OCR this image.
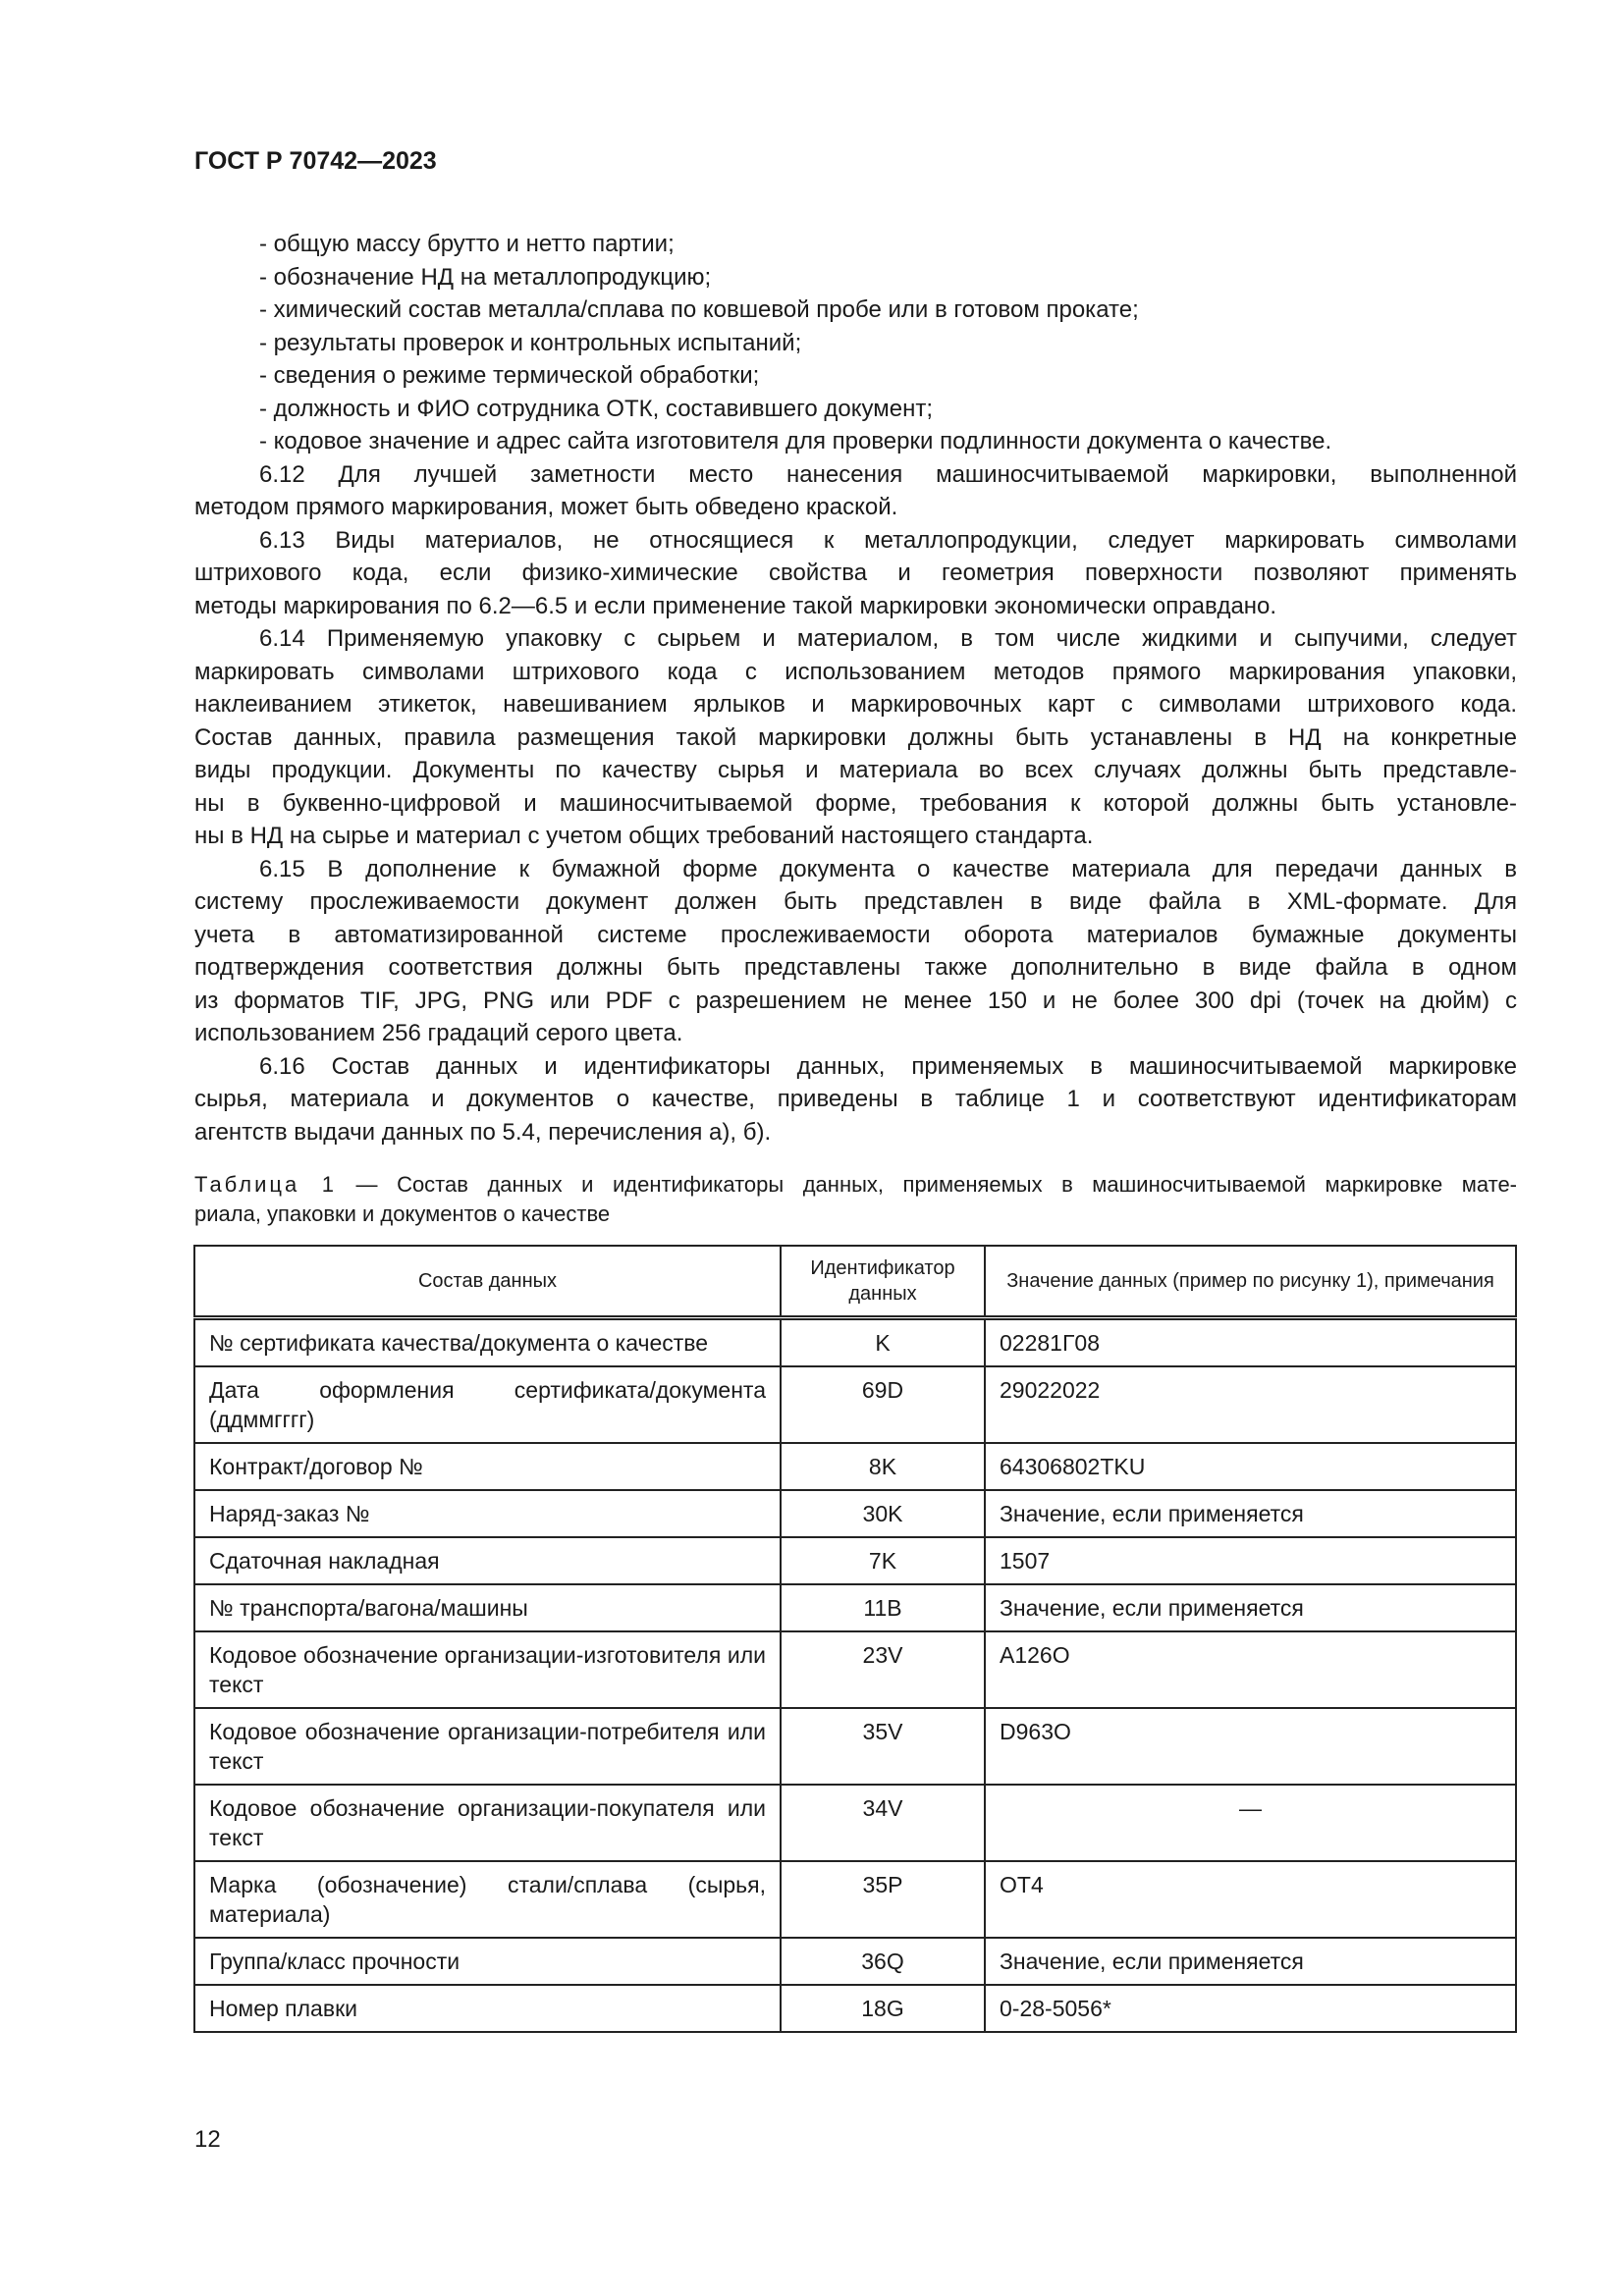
ГОСТ Р 70742—2023
- общую массу брутто и нетто партии;
- обозначение НД на металлопродукцию;
- химический состав металла/сплава по ковшевой пробе или в готовом прокате;
- результаты проверок и контрольных испытаний;
- сведения о режиме термической обработки;
- должность и ФИО сотрудника ОТК, составившего документ;
- кодовое значение и адрес сайта изготовителя для проверки подлинности документа о качестве.
6.12 Для лучшей заметности место нанесения машиносчитываемой маркировки, выполненной
методом прямого маркирования, может быть обведено краской.
6.13 Виды материалов, не относящиеся к металлопродукции, следует маркировать символами
штрихового кода, если физико-химические свойства и геометрия поверхности позволяют применять
методы маркирования по 6.2—6.5 и если применение такой маркировки экономически оправдано.
6.14 Применяемую упаковку с сырьем и материалом, в том числе жидкими и сыпучими, следует
маркировать символами штрихового кода с использованием методов прямого маркирования упаковки,
наклеиванием этикеток, навешиванием ярлыков и маркировочных карт с символами штрихового кода.
Состав данных, правила размещения такой маркировки должны быть устанавлены в НД на конкретные
виды продукции. Документы по качеству сырья и материала во всех случаях должны быть представле-
ны в буквенно-цифровой и машиносчитываемой форме, требования к которой должны быть установле-
ны в НД на сырье и материал с учетом общих требований настоящего стандарта.
6.15 В дополнение к бумажной форме документа о качестве материала для передачи данных в
систему прослеживаемости документ должен быть представлен в виде файла в XML-формате. Для
учета в автоматизированной системе прослеживаемости оборота материалов бумажные документы
подтверждения соответствия должны быть представлены также дополнительно в виде файла в одном
из форматов TIF, JPG, PNG или PDF с разрешением не менее 150 и не более 300 dpi (точек на дюйм) с
использованием 256 градаций серого цвета.
6.16 Состав данных и идентификаторы данных, применяемых в машиносчитываемой маркировке
сырья, материала и документов о качестве, приведены в таблице 1 и соответствуют идентификаторам
агентств выдачи данных по 5.4, перечисления а), б).
Таблица 1 — Состав данных и идентификаторы данных, применяемых в машиносчитываемой маркировке мате-
риала, упаковки и документов о качестве
Состав данных	Идентификатор данных	Значение данных (пример по рисунку 1), примечания
№ сертификата качества/документа о качестве	K	02281Г08
Дата оформления сертификата/документа (ддммгггг)	69D	29022022
Контракт/договор №	8K	64306802TKU
Наряд-заказ №	30K	Значение, если применяется
Сдаточная накладная	7K	1507
№ транспорта/вагона/машины	11B	Значение, если применяется
Кодовое обозначение организации-изготовителя или текст	23V	A126O
Кодовое обозначение организации-потребителя или текст	35V	D963O
Кодовое обозначение организации-покупателя или текст	34V	—
Марка (обозначение) стали/сплава (сырья, материала)	35P	ОТ4
Группа/класс прочности	36Q	Значение, если применяется
Номер плавки	18G	0-28-5056*
12
